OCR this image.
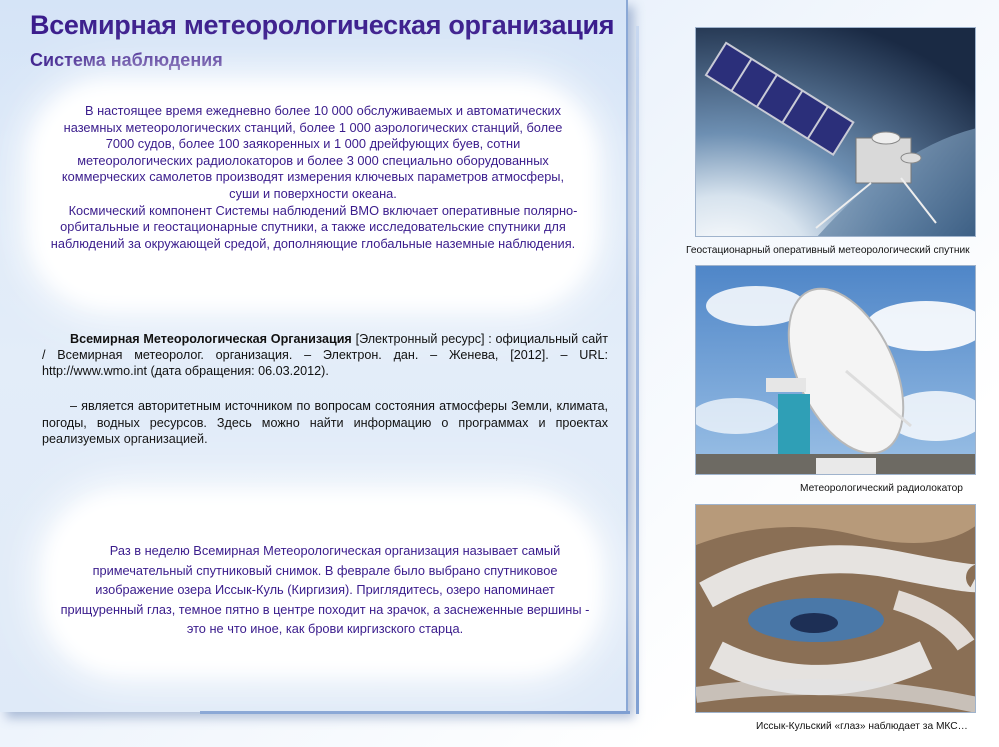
Всемирная метеорологическая организация
Система наблюдения

В настоящее время ежедневно более 10 000 обслуживаемых и автоматических наземных метеорологических станций, более 1 000 аэрологических станций, более 7000 судов, более 100 заякоренных и 1 000 дрейфующих буев, сотни метеорологических радиолокаторов и более 3 000 специально оборудованных коммерческих самолетов производят измерения ключевых параметров атмосферы, суши и поверхности океана.

Космический компонент Системы наблюдений ВМО включает оперативные полярно-орбитальные и геостационарные спутники, а также исследовательские спутники для наблюдений за окружающей средой, дополняющие глобальные наземные наблюдения.

Всемирная Метеорологическая Организация [Электронный ресурс] : официальный сайт / Всемирная метеоролог. организация. – Электрон. дан. – Женева, [2012]. – URL: http://www.wmo.int (дата обращения: 06.03.2012).

– является авторитетным источником по вопросам состояния атмосферы Земли, климата, погоды, водных ресурсов. Здесь можно найти информацию о программах и проектах реализуемых организацией.

Раз в неделю Всемирная Метеорологическая организация называет самый примечательный спутниковый снимок. В феврале было выбрано спутниковое изображение озера Иссык-Куль (Киргизия). Приглядитесь, озеро напоминает прищуренный глаз, темное пятно в центре походит на зрачок, а заснеженные вершины - это не что иное, как брови киргизского старца.

Геостационарный оперативный метеорологический спутник
Метеорологический радиолокатор
Иссык-Кульский «глаз» наблюдает за МКС…
